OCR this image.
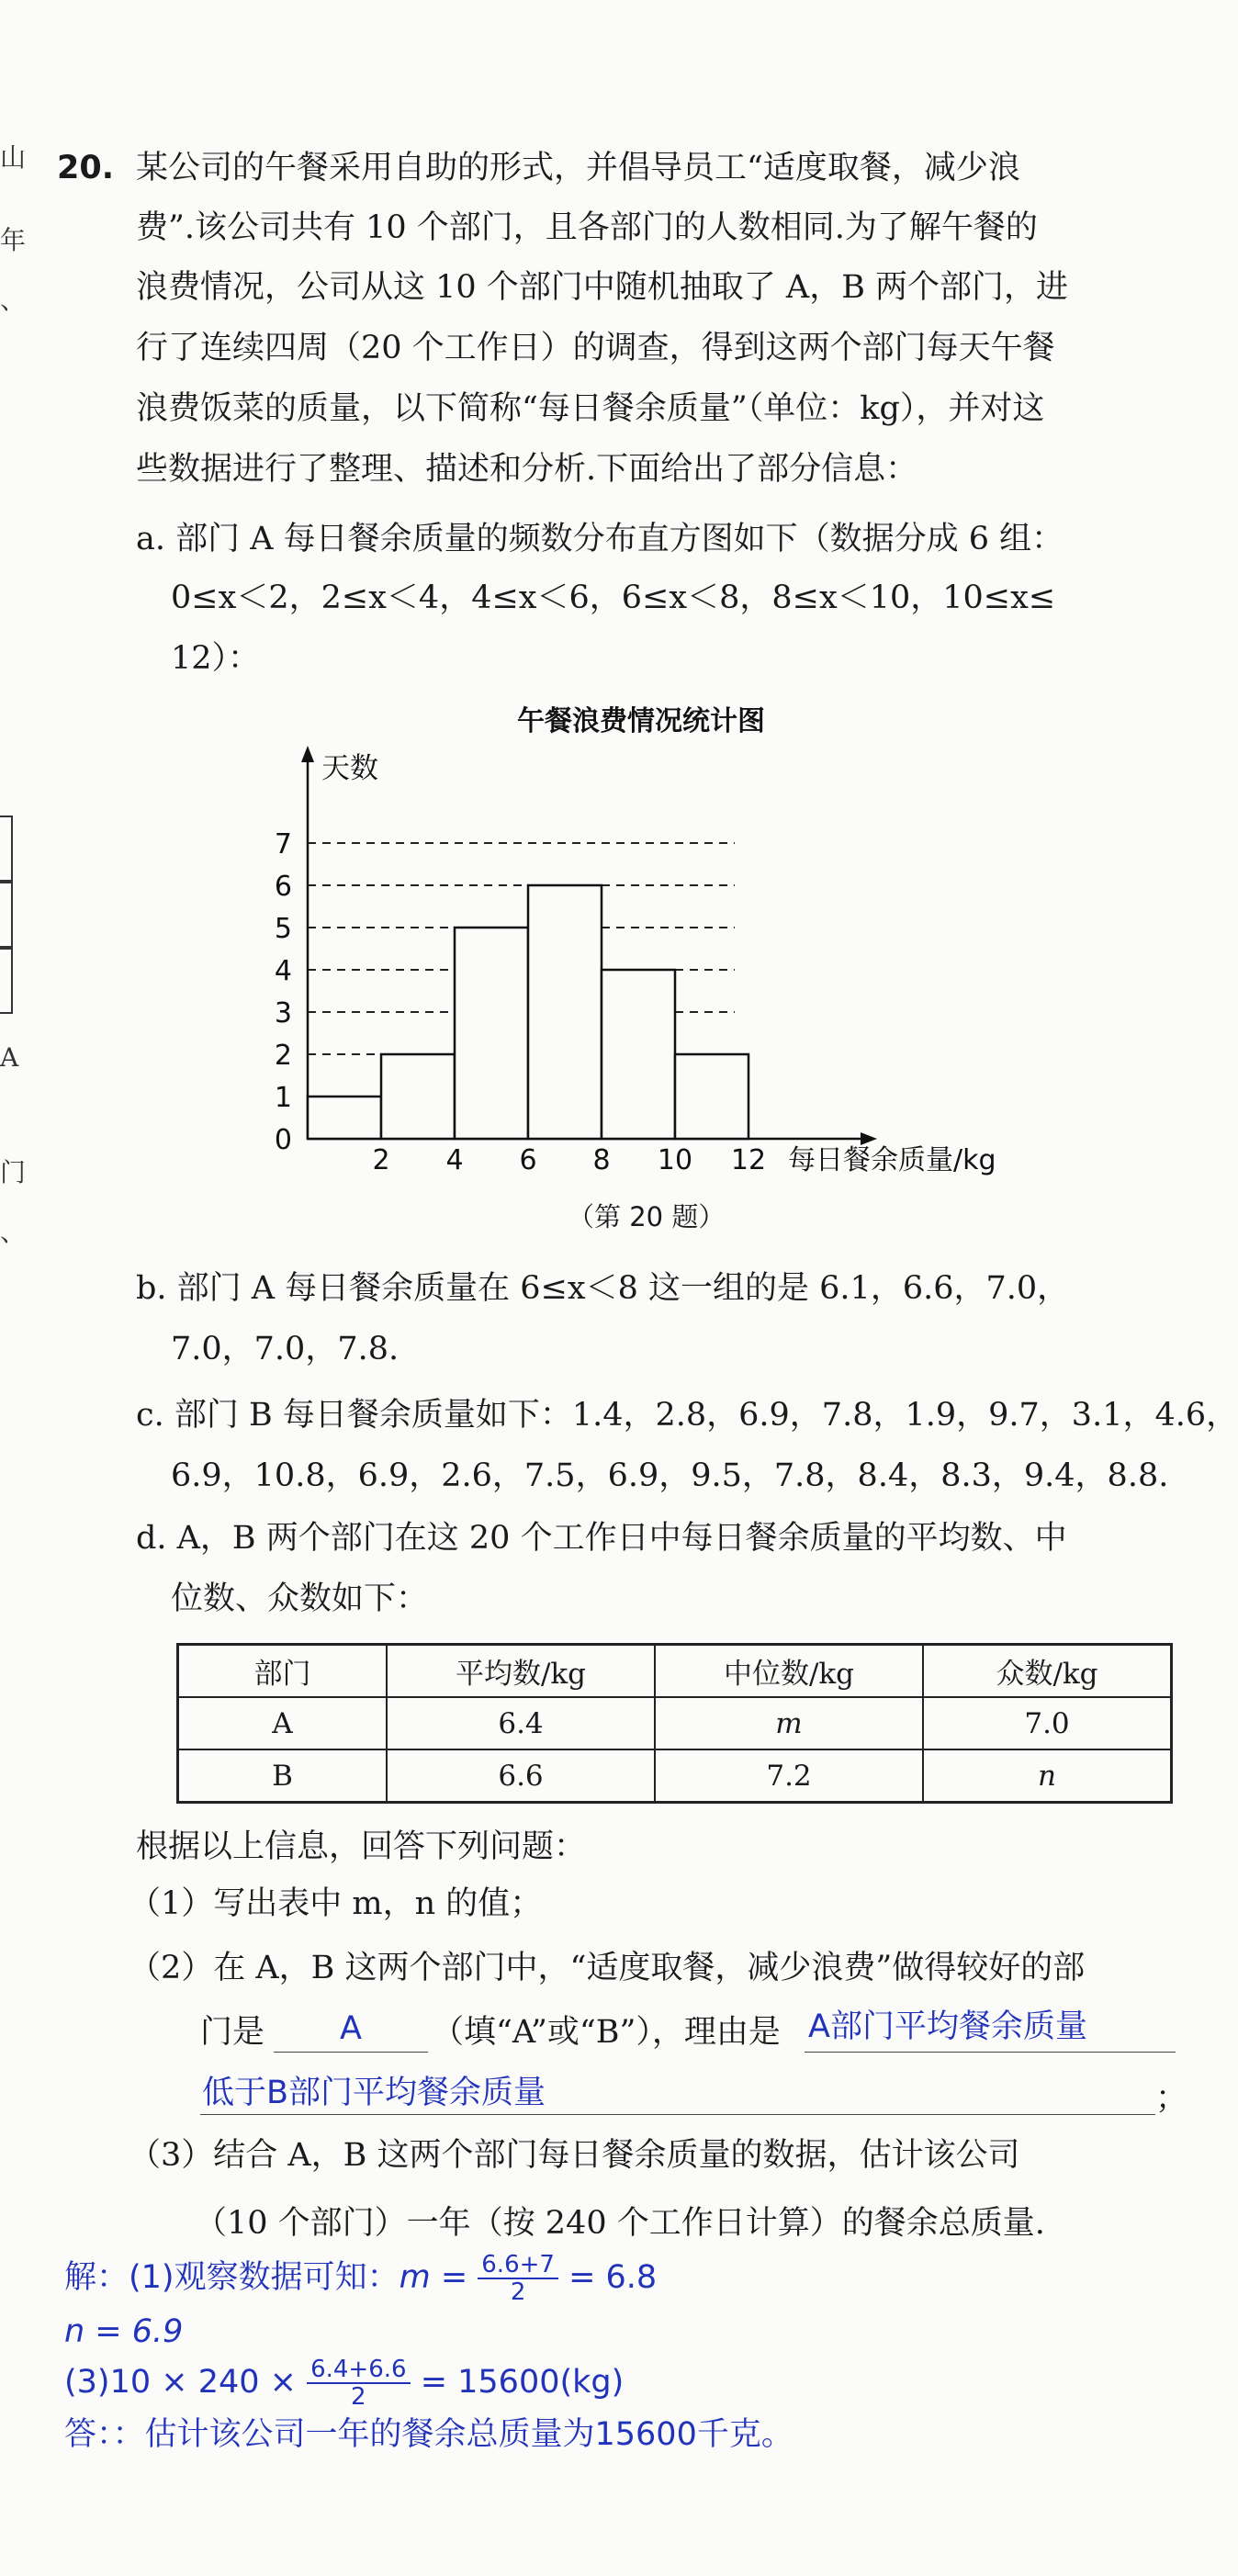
山
年
、
A
门
、
20. 某公司的午餐采用自助的形式，并倡导员工“适度取餐，减少浪
费”.该公司共有 10 个部门，且各部门的人数相同.为了解午餐的
浪费情况，公司从这 10 个部门中随机抽取了 A，B 两个部门，进
行了连续四周（20 个工作日）的调查，得到这两个部门每天午餐
浪费饭菜的质量，以下简称“每日餐余质量”（单位：kg），并对这
些数据进行了整理、描述和分析.下面给出了部分信息：
a. 部门 A 每日餐余质量的频数分布直方图如下（数据分成 6 组：
0≤x＜2，2≤x＜4，4≤x＜6，6≤x＜8，8≤x＜10，10≤x≤
12）：
午餐浪费情况统计图
天数
每日餐余质量/kg
0
1
2
3
4
5
6
7
2 4 6 8 10 12
（第 20 题）
b. 部门 A 每日餐余质量在 6≤x＜8 这一组的是 6.1，6.6，7.0，
7.0，7.0，7.8.
c. 部门 B 每日餐余质量如下：1.4，2.8，6.9，7.8，1.9，9.7，3.1，4.6，
6.9，10.8，6.9，2.6，7.5，6.9，9.5，7.8，8.4，8.3，9.4，8.8.
d. A，B 两个部门在这 20 个工作日中每日餐余质量的平均数、中
位数、众数如下：
部门	平均数/kg	中位数/kg	众数/kg
A	6.4	m	7.0
B	6.6	7.2	n
根据以上信息，回答下列问题：
（1）写出表中 m，n 的值；
（2）在 A，B 这两个部门中，“适度取餐，减少浪费”做得较好的部
门是 A （填“A”或“B”），理由是 A部门平均餐余质量
低于B部门平均餐余质量	；
（3）结合 A，B 这两个部门每日餐余质量的数据，估计该公司
（10 个部门）一年（按 240 个工作日计算）的餐余总质量.
解：(1)观察数据可知：$m = \frac{6.6+7}{2} = 6.8$
n = 6.9
$(3)10 \times 240 \times \frac{6.4+6.6}{2} = 15600(kg)$
答：：估计该公司一年的餐余总质量为15600千克。
